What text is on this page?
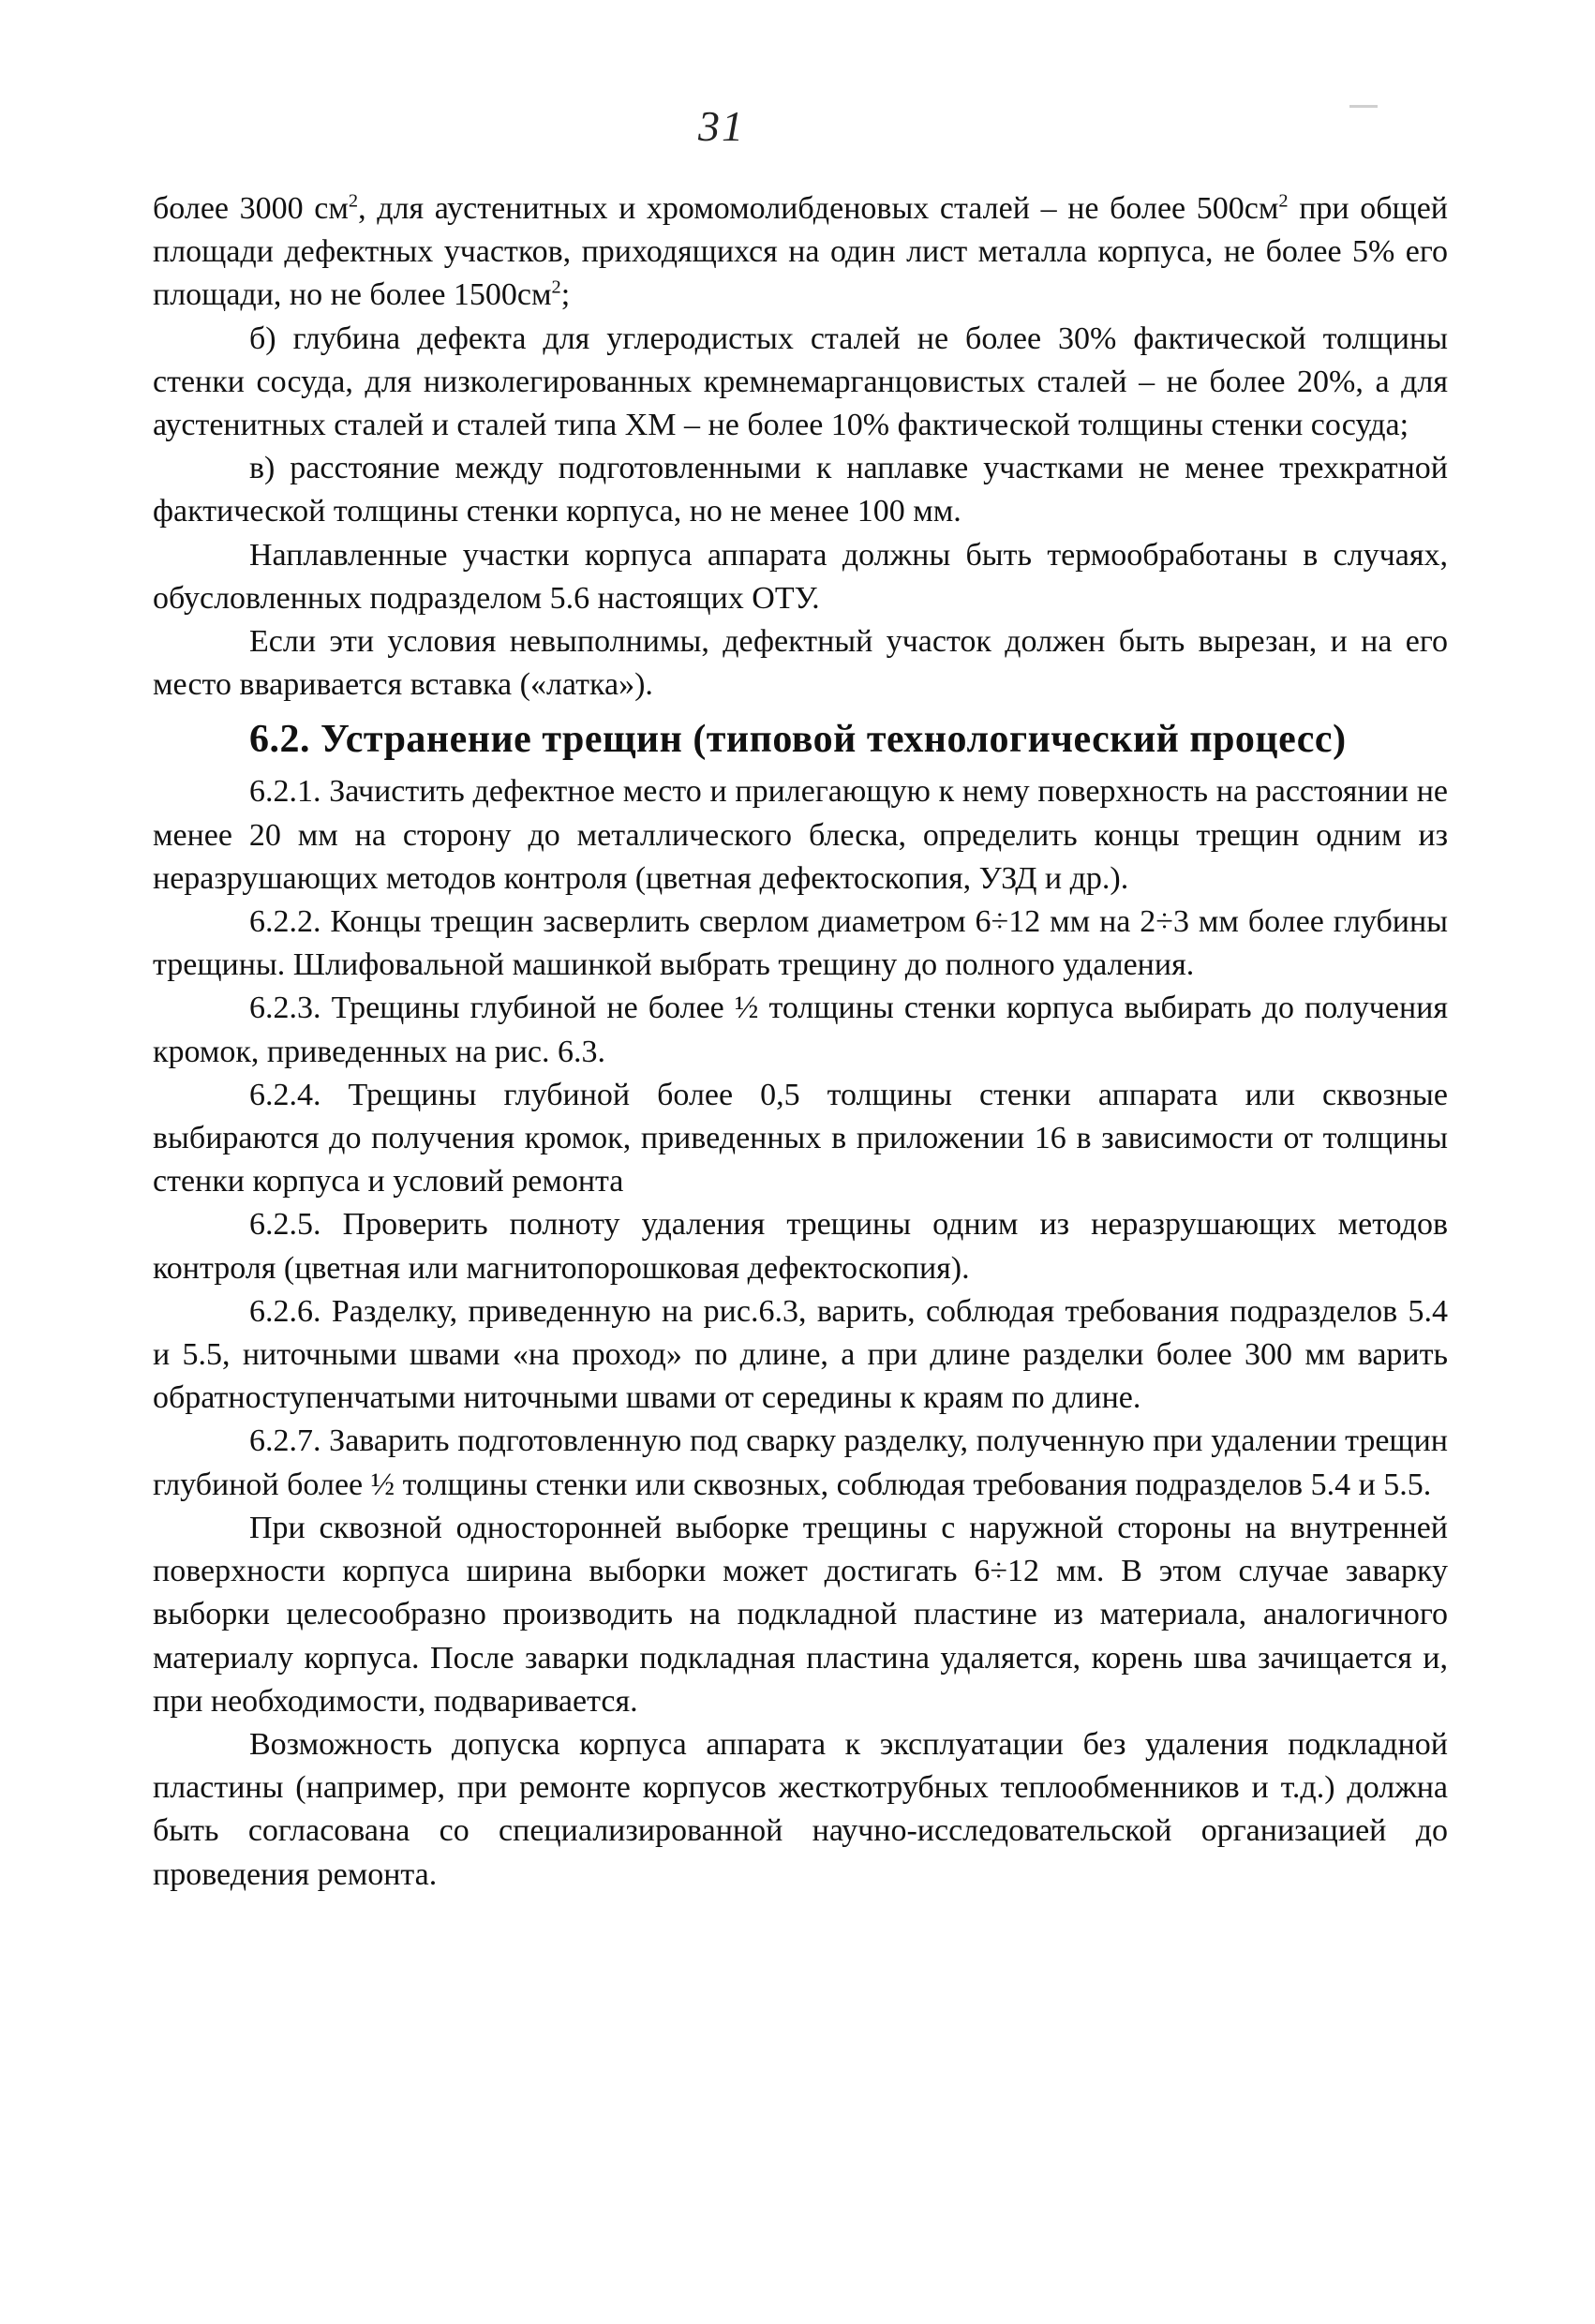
31

более 3000 $см^2$, для аустенитных и хромомолибденовых сталей – не более $500см^2$ при общей площади дефектных участков, приходящихся на один лист металла корпуса, не более 5% его площади, но не более $1500см^2$;

б) глубина дефекта для углеродистых сталей не более 30% фактической толщины стенки сосуда, для низколегированных кремнемарганцовистых сталей – не более 20%, а для аустенитных сталей и сталей типа ХМ – не более 10% фактической толщины стенки сосуда;

в) расстояние между подготовленными к наплавке участками не менее трехкратной фактической толщины стенки корпуса, но не менее 100 мм.

Наплавленные участки корпуса аппарата должны быть термообработаны в случаях, обусловленных подразделом 5.6 настоящих ОТУ.

Если эти условия невыполнимы, дефектный участок должен быть вырезан, и на его место вваривается вставка («латка»).

6.2. Устранение трещин (типовой технологический процесс)

6.2.1. Зачистить дефектное место и прилегающую к нему поверхность на расстоянии не менее 20 мм на сторону до металлического блеска, определить концы трещин одним из неразрушающих методов контроля (цветная дефектоскопия, УЗД и др.).

6.2.2. Концы трещин засверлить сверлом диаметром 6÷12 мм на 2÷3 мм более глубины трещины. Шлифовальной машинкой выбрать трещину до полного удаления.

6.2.3. Трещины глубиной не более ½ толщины стенки корпуса выбирать до получения кромок, приведенных на рис. 6.3.

6.2.4. Трещины глубиной более 0,5 толщины стенки аппарата или сквозные выбираются до получения кромок, приведенных в приложении 16 в зависимости от толщины стенки корпуса и условий ремонта

6.2.5. Проверить полноту удаления трещины одним из неразрушающих методов контроля (цветная или магнитопорошковая дефектоскопия).

6.2.6. Разделку, приведенную на рис.6.3, варить, соблюдая требования подразделов 5.4 и 5.5, ниточными швами «на проход» по длине, а при длине разделки более 300 мм варить обратноступенчатыми ниточными швами от середины к краям по длине.

6.2.7. Заварить подготовленную под сварку разделку, полученную при удалении трещин глубиной более ½ толщины стенки или сквозных, соблюдая требования подразделов 5.4 и 5.5.

При сквозной односторонней выборке трещины с наружной стороны на внутренней поверхности корпуса ширина выборки может достигать 6÷12 мм. В этом случае заварку выборки целесообразно производить на подкладной пластине из материала, аналогичного материалу корпуса. После заварки подкладная пластина удаляется, корень шва зачищается и, при необходимости, подваривается.

Возможность допуска корпуса аппарата к эксплуатации без удаления подкладной пластины (например, при ремонте корпусов жесткотрубных теплообменников и т.д.) должна быть согласована со специализированной научно-исследовательской организацией до проведения ремонта.
